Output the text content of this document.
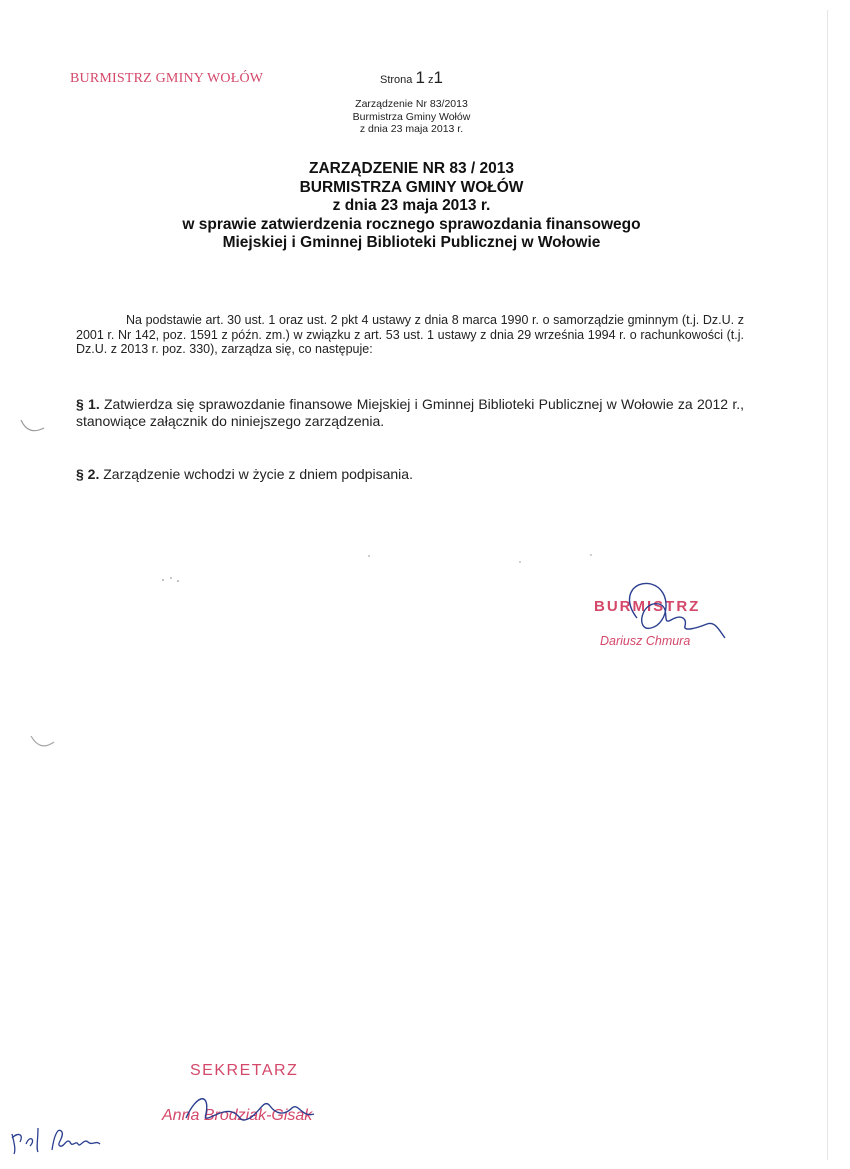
BURMISTRZ GMINY WOŁÓW	Strona 1 z1
Zarządzenie Nr 83/2013
Burmistrza Gminy Wołów
z dnia 23 maja 2013 r.
ZARZĄDZENIE NR 83 / 2013
BURMISTRZA GMINY WOŁÓW
z dnia 23 maja 2013 r.
w sprawie zatwierdzenia rocznego sprawozdania finansowego
Miejskiej i Gminnej Biblioteki Publicznej w Wołowie
Na podstawie art. 30 ust. 1 oraz ust. 2 pkt 4 ustawy z dnia 8 marca 1990 r. o samorządzie gminnym (t.j. Dz.U. z 2001 r. Nr 142, poz. 1591 z późn. zm.) w związku z art. 53 ust. 1 ustawy z dnia 29 września 1994 r. o rachunkowości (t.j. Dz.U. z 2013 r. poz. 330), zarządza się, co następuje:
§ 1. Zatwierdza się sprawozdanie finansowe Miejskiej i Gminnej Biblioteki Publicznej w Wołowie za 2012 r., stanowiące załącznik do niniejszego zarządzenia.
§ 2. Zarządzenie wchodzi w życie z dniem podpisania.
BURMISTRZ
Dariusz Chmura
SEKRETARZ
Anna Brodziak-Gisak
